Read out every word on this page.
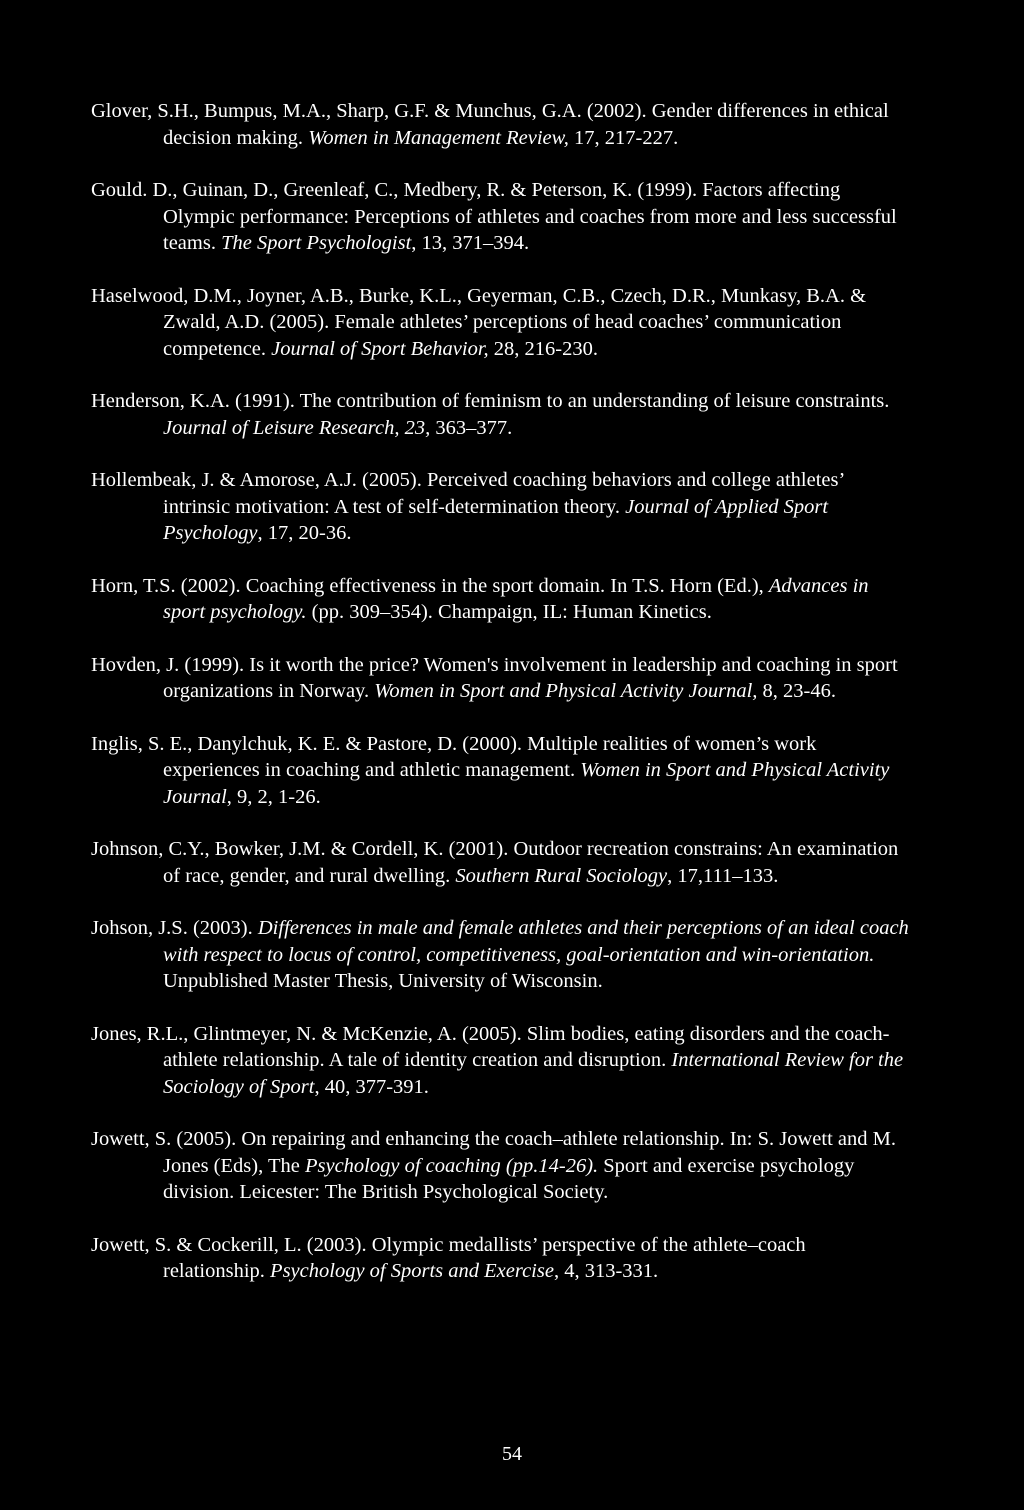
Glover, S.H., Bumpus, M.A., Sharp, G.F. & Munchus, G.A. (2002). Gender differences in ethical decision making. Women in Management Review, 17, 217-227.

Gould. D., Guinan, D., Greenleaf, C., Medbery, R. & Peterson, K. (1999). Factors affecting Olympic performance: Perceptions of athletes and coaches from more and less successful teams. The Sport Psychologist, 13, 371–394.

Haselwood, D.M., Joyner, A.B., Burke, K.L., Geyerman, C.B., Czech, D.R., Munkasy, B.A. & Zwald, A.D. (2005). Female athletes’ perceptions of head coaches’ communication competence. Journal of Sport Behavior, 28, 216-230.

Henderson, K.A. (1991). The contribution of feminism to an understanding of leisure constraints. Journal of Leisure Research, 23, 363–377.

Hollembeak, J. & Amorose, A.J. (2005). Perceived coaching behaviors and college athletes’ intrinsic motivation: A test of self-determination theory. Journal of Applied Sport Psychology, 17, 20-36.

Horn, T.S. (2002). Coaching effectiveness in the sport domain. In T.S. Horn (Ed.), Advances in sport psychology. (pp. 309–354). Champaign, IL: Human Kinetics.

Hovden, J. (1999). Is it worth the price? Women's involvement in leadership and coaching in sport organizations in Norway. Women in Sport and Physical Activity Journal, 8, 23-46.

Inglis, S. E., Danylchuk, K. E. & Pastore, D. (2000). Multiple realities of women’s work experiences in coaching and athletic management. Women in Sport and Physical Activity Journal, 9, 2, 1-26.

Johnson, C.Y., Bowker, J.M. & Cordell, K. (2001). Outdoor recreation constrains: An examination of race, gender, and rural dwelling. Southern Rural Sociology, 17,111–133.

Johson, J.S. (2003). Differences in male and female athletes and their perceptions of an ideal coach with respect to locus of control, competitiveness, goal-orientation and win-orientation. Unpublished Master Thesis, University of Wisconsin.

Jones, R.L., Glintmeyer, N. & McKenzie, A. (2005). Slim bodies, eating disorders and the coach-athlete relationship. A tale of identity creation and disruption. International Review for the Sociology of Sport, 40, 377-391.

Jowett, S. (2005). On repairing and enhancing the coach–athlete relationship. In: S. Jowett and M. Jones (Eds), The Psychology of coaching (pp.14-26). Sport and exercise psychology division. Leicester: The British Psychological Society.

Jowett, S. & Cockerill, L. (2003). Olympic medallists’ perspective of the athlete–coach relationship. Psychology of Sports and Exercise, 4, 313-331.

54
